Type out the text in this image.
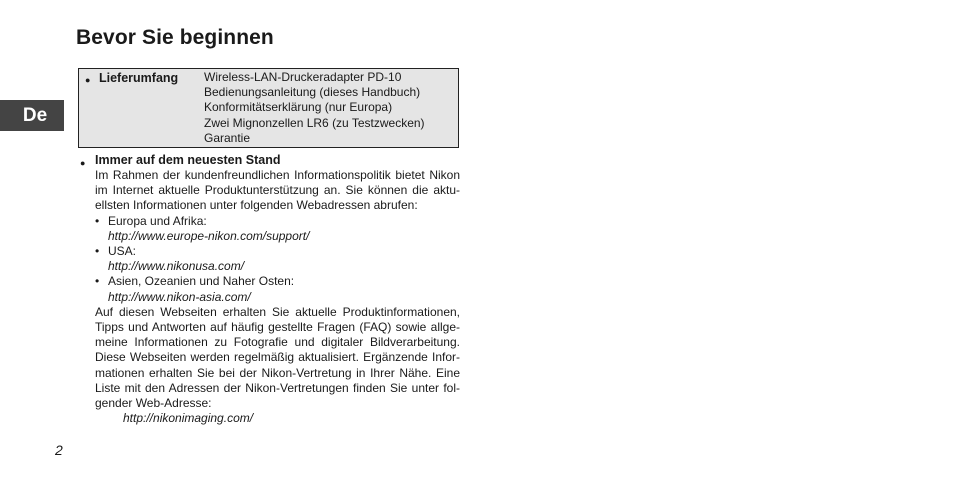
Bevor Sie beginnen
De
● Lieferumfang Wireless-LAN-Druckeradapter PD-10
Bedienungsanleitung (dieses Handbuch)
Konformitätserklärung (nur Europa)
Zwei Mignonzellen LR6 (zu Testzwecken)
Garantie
● Immer auf dem neuesten Stand
Im Rahmen der kundenfreundlichen Informationspolitik bietet Nikon
im Internet aktuelle Produktunterstützung an. Sie können die aktu-
ellsten Informationen unter folgenden Webadressen abrufen:
• Europa und Afrika:
http://www.europe-nikon.com/support/
• USA:
http://www.nikonusa.com/
• Asien, Ozeanien und Naher Osten:
http://www.nikon-asia.com/
Auf diesen Webseiten erhalten Sie aktuelle Produktinformationen,
Tipps und Antworten auf häufig gestellte Fragen (FAQ) sowie allge-
meine Informationen zu Fotografie und digitaler Bildverarbeitung.
Diese Webseiten werden regelmäßig aktualisiert. Ergänzende Infor-
mationen erhalten Sie bei der Nikon-Vertretung in Ihrer Nähe. Eine
Liste mit den Adressen der Nikon-Vertretungen finden Sie unter fol-
gender Web-Adresse:
http://nikonimaging.com/
2
